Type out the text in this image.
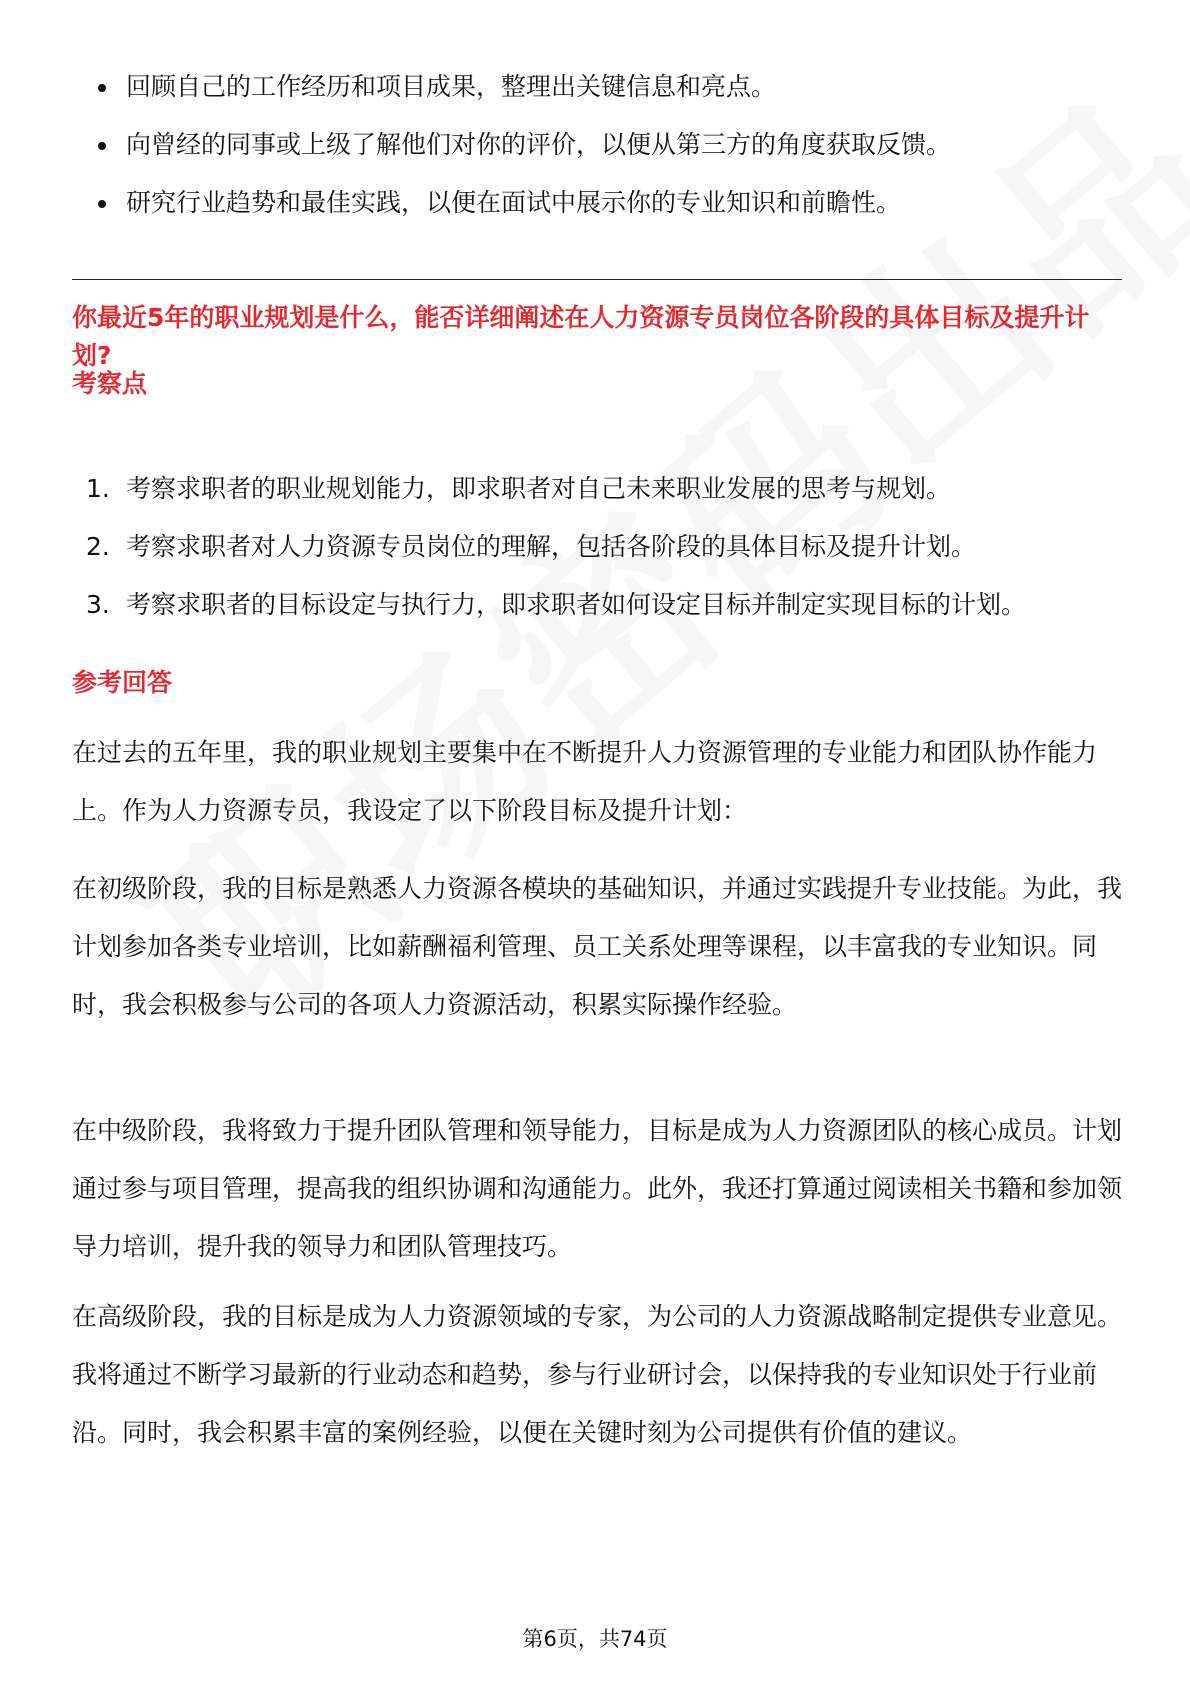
回顾自己的工作经历和项目成果，整理出关键信息和亮点。
向曾经的同事或上级了解他们对你的评价，以便从第三方的角度获取反馈。
研究行业趋势和最佳实践，以便在面试中展示你的专业知识和前瞻性。
你最近5年的职业规划是什么，能否详细阐述在人力资源专员岗位各阶段的具体目标及提升计划?
考察点
1. 考察求职者的职业规划能力，即求职者对自己未来职业发展的思考与规划。
2. 考察求职者对人力资源专员岗位的理解，包括各阶段的具体目标及提升计划。
3. 考察求职者的目标设定与执行力，即求职者如何设定目标并制定实现目标的计划。
参考回答
在过去的五年里，我的职业规划主要集中在不断提升人力资源管理的专业能力和团队协作能力上。作为人力资源专员，我设定了以下阶段目标及提升计划：
在初级阶段，我的目标是熟悉人力资源各模块的基础知识，并通过实践提升专业技能。为此，我计划参加各类专业培训，比如薪酬福利管理、员工关系处理等课程，以丰富我的专业知识。同时，我会积极参与公司的各项人力资源活动，积累实际操作经验。
在中级阶段，我将致力于提升团队管理和领导能力，目标是成为人力资源团队的核心成员。计划通过参与项目管理，提高我的组织协调和沟通能力。此外，我还打算通过阅读相关书籍和参加领导力培训，提升我的领导力和团队管理技巧。
在高级阶段，我的目标是成为人力资源领域的专家，为公司的人力资源战略制定提供专业意见。我将通过不断学习最新的行业动态和趋势，参与行业研讨会，以保持我的专业知识处于行业前沿。同时，我会积累丰富的案例经验，以便在关键时刻为公司提供有价值的建议。
第6页，共74页
